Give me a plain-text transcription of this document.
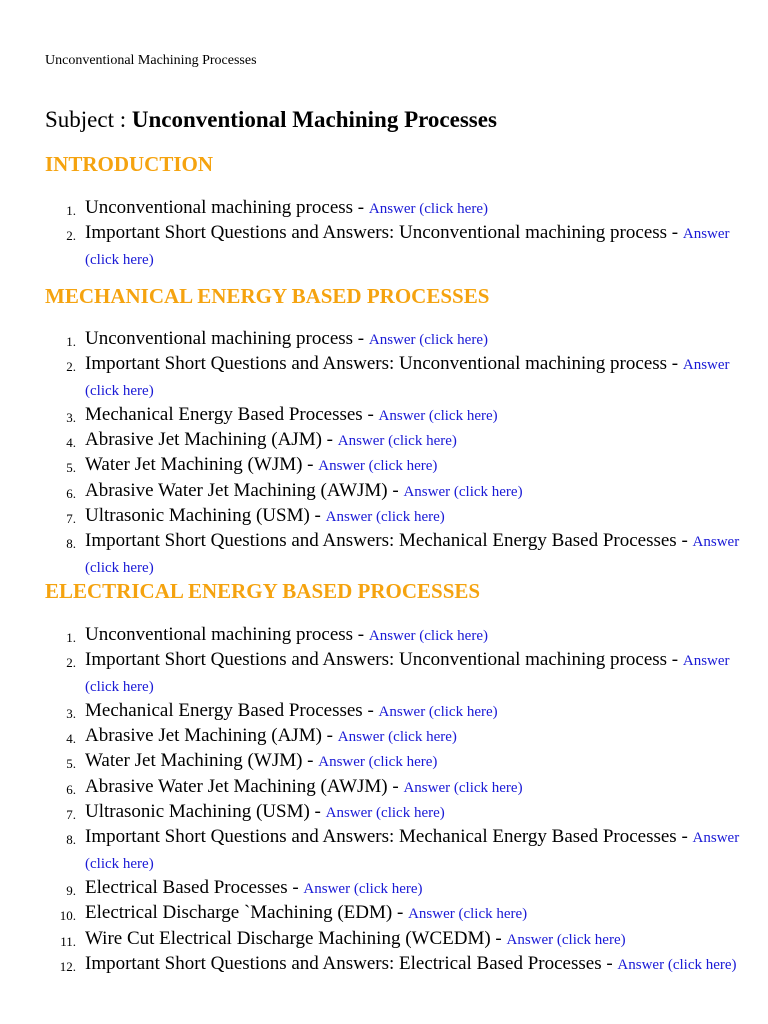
Unconventional Machining Processes
Subject : Unconventional Machining Processes
INTRODUCTION
1. Unconventional machining process - Answer (click here)
2. Important Short Questions and Answers: Unconventional machining process - Answer (click here)
MECHANICAL ENERGY BASED PROCESSES
1. Unconventional machining process - Answer (click here)
2. Important Short Questions and Answers: Unconventional machining process - Answer (click here)
3. Mechanical Energy Based Processes - Answer (click here)
4. Abrasive Jet Machining (AJM) - Answer (click here)
5. Water Jet Machining (WJM) - Answer (click here)
6. Abrasive Water Jet Machining (AWJM) - Answer (click here)
7. Ultrasonic Machining (USM) - Answer (click here)
8. Important Short Questions and Answers: Mechanical Energy Based Processes - Answer (click here)
ELECTRICAL ENERGY BASED PROCESSES
1. Unconventional machining process - Answer (click here)
2. Important Short Questions and Answers: Unconventional machining process - Answer (click here)
3. Mechanical Energy Based Processes - Answer (click here)
4. Abrasive Jet Machining (AJM) - Answer (click here)
5. Water Jet Machining (WJM) - Answer (click here)
6. Abrasive Water Jet Machining (AWJM) - Answer (click here)
7. Ultrasonic Machining (USM) - Answer (click here)
8. Important Short Questions and Answers: Mechanical Energy Based Processes - Answer (click here)
9. Electrical Based Processes - Answer (click here)
10. Electrical Discharge `Machining (EDM) - Answer (click here)
11. Wire Cut Electrical Discharge Machining (WCEDM) - Answer (click here)
12. Important Short Questions and Answers: Electrical Based Processes - Answer (click here)
